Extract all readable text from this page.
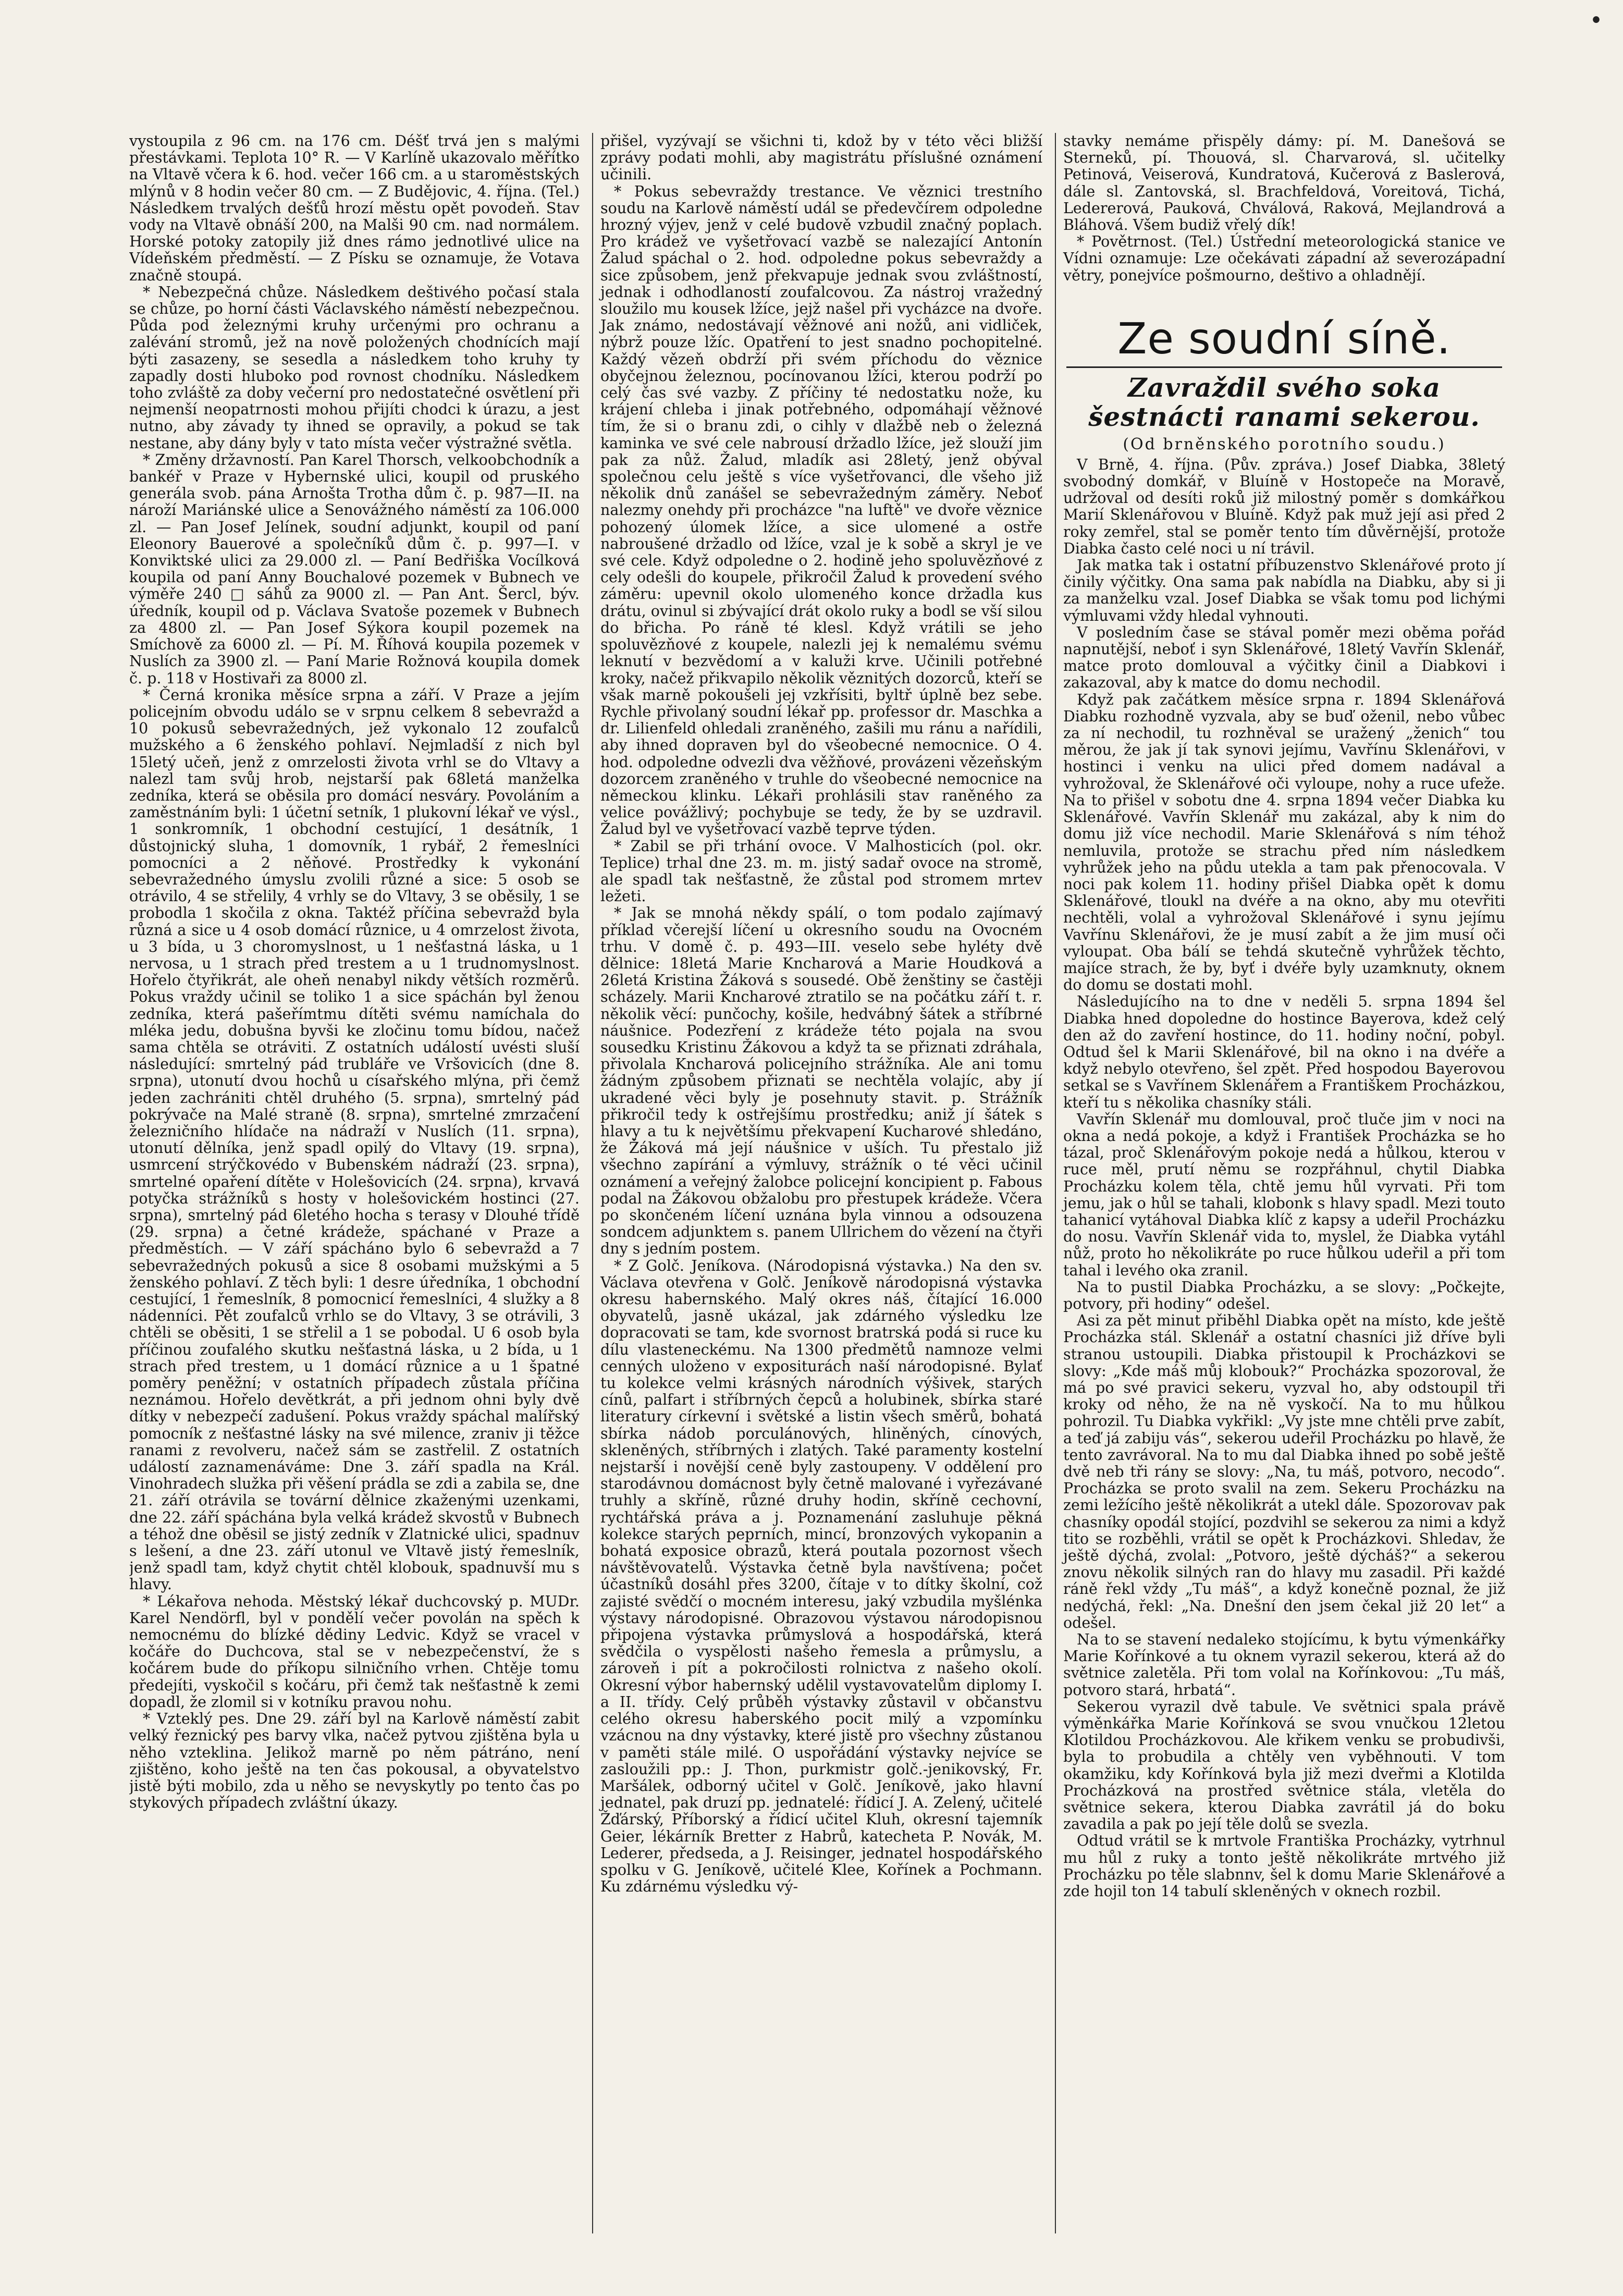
•

vystoupila z 96 cm. na 176 cm. Déšť trvá jen s malými přestávkami. Teplota 10° R. — V Karlíně ukazovalo měřítko na Vltavě včera k 6. hod. večer 166 cm. a u staroměstských mlýnů v 8 hodin večer 80 cm. — Z Budějovic, 4. října. (Tel.) Následkem trvalých dešťů hrozí městu opět povodeň. Stav vody na Vltavě obnáší 200, na Malši 90 cm. nad normálem. Horské potoky zatopily již dnes rámo jednotlivé ulice na Vídeňském předměstí. — Z Písku se oznamuje, že Votava značně stoupá.

* Nebezpečná chůze. Následkem deštivého počasí stala se chůze, po horní části Václavského náměstí nebezpečnou. Půda pod železnými kruhy určenými pro ochranu a zalévání stromů, jež na nově položených chodnících mají býti zasazeny, se sesedla a následkem toho kruhy ty zapadly dosti hluboko pod rovnost chodníku. Následkem toho zvláště za doby večerní pro nedostatečné osvětlení při nejmenší neopatrnosti mohou přijíti chodci k úrazu, a jest nutno, aby závady ty ihned se opravily, a pokud se tak nestane, aby dány byly v tato místa večer výstražné světla.

* Změny državností. Pan Karel Thorsch, velkoobchodník a bankéř v Praze v Hybernské ulici, koupil od pruského generála svob. pána Arnošta Trotha dům č. p. 987—II. na nároží Mariánské ulice a Senovážného náměstí za 106.000 zl. — Pan Josef Jelínek, soudní adjunkt, koupil od paní Eleonory Bauerové a společníků dům č. p. 997—I. v Konviktské ulici za 29.000 zl. — Paní Bedřiška Vocílková koupila od paní Anny Bouchalové pozemek v Bubnech ve výměře 240 □ sáhů za 9000 zl. — Pan Ant. Šercl, býv. úředník, koupil od p. Václava Svatoše pozemek v Bubnech za 4800 zl. — Pan Josef Sýkora koupil pozemek na Smíchově za 6000 zl. — Pí. M. Říhová koupila pozemek v Nuslích za 3900 zl. — Paní Marie Rožnová koupila domek č. p. 118 v Hostivaři za 8000 zl.

* Černá kronika měsíce srpna a září. V Praze a jejím policejním obvodu událo se v srpnu celkem 8 sebevražd a 10 pokusů sebevražedných, jež vykonalo 12 zoufalců mužského a 6 ženského pohlaví. Nejmladší z nich byl 15letý učeň, jenž z omrzelosti života vrhl se do Vltavy a nalezl tam svůj hrob, nejstarší pak 68letá manželka zedníka, která se oběsila pro domácí nesváry. Povoláním a zaměstnáním byli: 1 účetní setník, 1 plukovní lékař ve výsl., 1 sonkromník, 1 obchodní cestující, 1 desátník, 1 důstojnický sluha, 1 domovník, 1 rybář, 2 řemeslníci pomocníci a 2 něňové. Prostředky k vykonání sebevražedného úmyslu zvolili různé a sice: 5 osob se otrávilo, 4 se střelily, 4 vrhly se do Vltavy, 3 se oběsily, 1 se probodla 1 skočila z okna. Taktéž příčina sebevražd byla různá a sice u 4 osob domácí různice, u 4 omrzelost života, u 3 bída, u 3 choromyslnost, u 1 nešťastná láska, u 1 nervosa, u 1 strach před trestem a u 1 trudnomyslnost. Hořelo čtyřikrát, ale oheň nenabyl nikdy větších rozměrů. Pokus vraždy učinil se toliko 1 a sice spáchán byl ženou zedníka, která pašeřímtmu dítěti svému namíchala do mléka jedu, dobušna byvši ke zločinu tomu bídou, načež sama chtěla se otráviti. Z ostatních událostí uvésti sluší následující: smrtelný pád trubláře ve Vršovicích (dne 8. srpna), utonutí dvou hochů u císařského mlýna, při čemž jeden zachrániti chtěl druhého (5. srpna), smrtelný pád pokrývače na Malé straně (8. srpna), smrtelné zmrzačení železničního hlídače na nádraží v Nuslích (11. srpna), utonutí dělníka, jenž spadl opilý do Vltavy (19. srpna), usmrcení strýčkovédo v Bubenském nádraží (23. srpna), smrtelné opaření dítěte v Holešovicích (24. srpna), krvavá potyčka strážníků s hosty v holešovickém hostinci (27. srpna), smrtelný pád 6letého hocha s terasy v Dlouhé třídě (29. srpna) a četné krádeže, spáchané v Praze a předměstích. — V září spácháno bylo 6 sebevražd a 7 sebevražedných pokusů a sice 8 osobami mužskými a 5 ženského pohlaví. Z těch byli: 1 desre úředníka, 1 obchodní cestující, 1 řemeslník, 8 pomocnicí řemeslníci, 4 služky a 8 nádenníci. Pět zoufalců vrhlo se do Vltavy, 3 se otrávili, 3 chtěli se oběsiti, 1 se střelil a 1 se pobodal. U 6 osob byla příčinou zoufalého skutku nešťastná láska, u 2 bída, u 1 strach před trestem, u 1 domácí různice a u 1 špatné poměry peněžní; v ostatních případech zůstala příčina neznámou. Hořelo devětkrát, a při jednom ohni byly dvě dítky v nebezpečí zadušení. Pokus vraždy spáchal malířský pomocník z nešťastné lásky na své milence, zraniv ji těžce ranami z revolveru, načež sám se zastřelil. Z ostatních událostí zaznamenáváme: Dne 3. září spadla na Král. Vinohradech služka při věšení prádla se zdi a zabila se, dne 21. září otrávila se tovární dělnice zkaženými uzenkami, dne 22. září spáchána byla velká krádež skvostů v Bubnech a téhož dne oběsil se jistý zedník v Zlatnické ulici, spadnuv s lešení, a dne 23. září utonul ve Vltavě jistý řemeslník, jenž spadl tam, když chytit chtěl klobouk, spadnuvší mu s hlavy.

* Lékařova nehoda. Městský lékař duchcovský p. MUDr. Karel Nendörfl, byl v pondělí večer povolán na spěch k nemocnému do blízké dědiny Ledvic. Když se vracel v kočáře do Duchcova, stal se v nebezpečenství, že s kočárem bude do příkopu silničního vrhen. Chtěje tomu předejíti, vyskočil s kočáru, při čemž tak nešťastně k zemi dopadl, že zlomil si v kotníku pravou nohu.

* Vzteklý pes. Dne 29. září byl na Karlově náměstí zabit velký řeznický pes barvy vlka, načež pytvou zjištěna byla u něho vzteklina. Jelikož marně po něm pátráno, není zjištěno, koho ještě na ten čas pokousal, a obyvatelstvo jistě býti mobilo, zda u něho se nevyskytly po tento čas po stykových případech zvláštní úkazy.

přišel, vyzývají se všichni ti, kdož by v této věci bližší zprávy podati mohli, aby magistrátu příslušné oznámení učinili.

* Pokus sebevraždy trestance. Ve věznici trestního soudu na Karlově náměstí udál se předevčírem odpoledne hrozný výjev, jenž v celé budově vzbudil značný poplach. Pro krádež ve vyšetřovací vazbě se nalezající Antonín Žalud spáchal o 2. hod. odpoledne pokus sebevraždy a sice způsobem, jenž překvapuje jednak svou zvláštností, jednak i odhodlaností zoufalcovou. Za nástroj vražedný sloužilo mu kousek lžíce, jejž našel při vycházce na dvoře. Jak známo, nedostávají věžnové ani nožů, ani vidliček, nýbrž pouze lžíc. Opatření to jest snadno pochopitelné. Každý vězeň obdrží při svém příchodu do věznice obyčejnou železnou, pocínovanou lžíci, kterou podrží po celý čas své vazby. Z příčiny té nedostatku nože, ku krájení chleba i jinak potřebného, odpomáhají věžnové tím, že si o branu zdi, o cihly v dlažbě neb o železná kaminka ve své cele nabrousí držadlo lžíce, jež slouží jim pak za nůž. Žalud, mladík asi 28letý, jenž obýval společnou celu ještě s více vyšetřovanci, dle všeho již několik dnů zanášel se sebevražedným záměry. Neboť nalezmy onehdy při procházce "na luftě" ve dvoře věznice pohozený úlomek lžíce, a sice ulomené a ostře nabroušené držadlo od lžíce, vzal je k sobě a skryl je ve své cele. Když odpoledne o 2. hodině jeho spoluvězňové z cely odešli do koupele, přikročil Žalud k provedení svého záměru: upevnil okolo ulomeného konce držadla kus drátu, ovinul si zbývající drát okolo ruky a bodl se vší silou do břicha. Po ráně té klesl. Když vrátili se jeho spoluvězňové z koupele, nalezli jej k nemalému svému leknutí v bezvědomí a v kaluži krve. Učinili potřebné kroky, načež přikvapilo několik věznitých dozorců, kteří se však marně pokoušeli jej vzkřísiti, byltř úplně bez sebe. Rychle přivolaný soudní lékař pp. professor dr. Maschka a dr. Lilienfeld ohledali zraněného, zašili mu ránu a nařídili, aby ihned dopraven byl do všeobecné nemocnice. O 4. hod. odpoledne odvezli dva věžňové, provázeni vězeňským dozorcem zraněného v truhle do všeobecné nemocnice na německou klinku. Lékaři prohlásili stav raněného za velice povážlivý; pochybuje se tedy, že by se uzdravil. Žalud byl ve vyšetřovací vazbě teprve týden.

* Zabil se při trhání ovoce. V Malhosticích (pol. okr. Teplice) trhal dne 23. m. m. jistý sadař ovoce na stromě, ale spadl tak nešťastně, že zůstal pod stromem mrtev ležeti.

* Jak se mnohá někdy spálí, o tom podalo zajímavý příklad včerejší líčení u okresního soudu na Ovocném trhu. V domě č. p. 493—III. veselo sebe hyléty dvě dělnice: 18letá Marie Kncharová a Marie Houdková a 26letá Kristina Žáková s sousedé. Obě ženštiny se častěji scházely. Marii Kncharové ztratilo se na počátku září t. r. několik věcí: punčochy, košile, hedvábný šátek a stříbrné náušnice. Podezření z krádeže této pojala na svou sousedku Kristinu Žákovou a když ta se přiznati zdráhala, přivolala Kncharová policejního strážníka. Ale ani tomu žádným způsobem přiznati se nechtěla volajíc, aby jí ukradené věci byly je posehnuty stavit. p. Strážník přikročil tedy k ostřejšímu prostředku; aniž jí šátek s hlavy a tu k největšímu překvapení Kucharové shledáno, že Žáková má její náušnice v uších. Tu přestalo již všechno zapírání a výmluvy, strážník o té věci učinil oznámení a veřejný žalobce policejní koncipient p. Fabous podal na Žákovou obžalobu pro přestupek krádeže. Včera po skončeném líčení uznána byla vinnou a odsouzena sondcem adjunktem s. panem Ullrichem do vězení na čtyři dny s jedním postem.

* Z Golč. Jeníkova. (Národopisná výstavka.) Na den sv. Václava otevřena v Golč. Jeníkově národopisná výstavka okresu habernského. Malý okres náš, čítající 16.000 obyvatelů, jasně ukázal, jak zdárného výsledku lze dopracovati se tam, kde svornost bratrská podá si ruce ku dílu vlasteneckému. Na 1300 předmětů namnoze velmi cenných uloženo v expositurách naší národopisné. Bylať tu kolekce velmi krásných národních výšivek, starých cínů, palfart i stříbrných čepců a holubinek, sbírka staré literatury církevní i světské a listin všech směrů, bohatá sbírka nádob porculánových, hliněných, cínových, skleněných, stříbrných i zlatých. Také paramenty kostelní nejstarší i novější ceně byly zastoupeny. V oddělení pro starodávnou domácnost byly četně malované i vyřezávané truhly a skříně, různé druhy hodin, skříně cechovní, rychtářská práva a j. Poznamenání zasluhuje pěkná kolekce starých peprních, mincí, bronzových vykopanin a bohatá exposice obrazů, která poutala pozornost všech návštěvovatelů. Výstavka četně byla navštívena; počet účastníků dosáhl přes 3200, čítaje v to dítky školní, což zajisté svědčí o mocném interesu, jaký vzbudila myšlénka výstavy národopisné. Obrazovou výstavou národopisnou připojena výstavka průmyslová a hospodářská, která svědčila o vyspělosti našeho řemesla a průmyslu, a zároveň i pít a pokročilosti rolnictva z našeho okolí. Okresní výbor habernský udělil vystavovatelům diplomy I. a II. třídy. Celý průběh výstavky zůstavil v občanstvu celého okresu haberského pocit milý a vzpomínku vzácnou na dny výstavky, které jistě pro všechny zůstanou v paměti stále milé. O uspořádání výstavky nejvíce se zasloužili pp.: J. Thon, purkmistr golč.-jenikovský, Fr. Maršálek, odborný učitel v Golč. Jeníkově, jako hlavní jednatel, pak druzí pp. jednatelé: řídicí J. A. Zelený, učitelé Žďárský, Příborský a řídicí učitel Kluh, okresní tajemník Geier, lékárník Bretter z Habrů, katecheta P. Novák, M. Lederer, předseda, a J. Reisinger, jednatel hospodářského spolku v G. Jeníkově, učitelé Klee, Kořínek a Pochmann. Ku zdárnému výsledku vý-

stavky nemáme přispěly dámy: pí. M. Danešová se Sterneků, pí. Thouová, sl. Charvarová, sl. učitelky Petinová, Veiserová, Kundratová, Kučerová z Baslerová, dále sl. Zantovská, sl. Brachfeldová, Voreitová, Tichá, Ledererová, Pauková, Chválová, Raková, Mejlandrová a Bláhová. Všem budiž vřelý dík!

* Povětrnost. (Tel.) Ústřední meteorologická stanice ve Vídni oznamuje: Lze očekávati západní až severozápadní větry, ponejvíce pošmourno, deštivo a ohladnějí.

Ze soudní síně.
Zavraždil svého soka šestnácti ranami sekerou.
(Od brněnského porotního soudu.)

V Brně, 4. října. (Pův. zpráva.) Josef Diabka, 38letý svobodný domkář, v Bluíně v Hostopeče na Moravě, udržoval od desíti roků již milostný poměr s domkářkou Marií Sklenářovou v Bluíně. Když pak muž její asi před 2 roky zemřel, stal se poměr tento tím důvěrnější, protože Diabka často celé noci u ní trávil.

Jak matka tak i ostatní příbuzenstvo Sklenářové proto jí činily výčitky. Ona sama pak nabídla na Diabku, aby si ji za manželku vzal. Josef Diabka se však tomu pod lichými výmluvami vždy hledal vyhnouti.

V posledním čase se stával poměr mezi oběma pořád napnutější, neboť i syn Sklenářové, 18letý Vavřín Sklenář, matce proto domlouval a výčitky činil a Diabkovi i zakazoval, aby k matce do domu nechodil.

Když pak začátkem měsíce srpna r. 1894 Sklenářová Diabku rozhodně vyzvala, aby se buď oženil, nebo vůbec za ní nechodil, tu rozhněval se uražený „ženich“ tou měrou, že jak jí tak synovi jejímu, Vavřínu Sklenářovi, v hostinci i venku na ulici před domem nadával a vyhrožoval, že Sklenářové oči vyloupe, nohy a ruce ufeže. Na to přišel v sobotu dne 4. srpna 1894 večer Diabka ku Sklenářové. Vavřín Sklenář mu zakázal, aby k nim do domu již více nechodil. Marie Sklenářová s ním téhož nemluvila, protože se strachu před ním následkem vyhrůžek jeho na půdu utekla a tam pak přenocovala. V noci pak kolem 11. hodiny přišel Diabka opět k domu Sklenářové, tloukl na dvéře a na okno, aby mu otevřiti nechtěli, volal a vyhrožoval Sklenářové i synu jejímu Vavřínu Sklenářovi, že je musí zabít a že jim musí oči vyloupat. Oba bálí se tehdá skutečně vyhrůžek těchto, majíce strach, že by, byť i dvéře byly uzamknuty, oknem do domu se dostati mohl.

Následujícího na to dne v neděli 5. srpna 1894 šel Diabka hned dopoledne do hostince Bayerova, kdež celý den až do zavření hostince, do 11. hodiny noční, pobyl. Odtud šel k Marii Sklenářové, bil na okno i na dvéře a když nebylo otevřeno, šel zpět. Před hospodou Bayerovou setkal se s Vavřínem Sklenářem a Františkem Procházkou, kteří tu s několika chasníky stáli.

Vavřín Sklenář mu domlouval, proč tluče jim v noci na okna a nedá pokoje, a když i František Procházka se ho tázal, proč Sklenářovým pokoje nedá a hůlkou, kterou v ruce měl, prutí němu se rozpřáhnul, chytil Diabka Procházku kolem těla, chtě jemu hůl vyrvati. Při tom jemu, jak o hůl se tahali, klobonk s hlavy spadl. Mezi touto tahanicí vytáhoval Diabka klíč z kapsy a udeřil Procházku do nosu. Vavřín Sklenář vida to, myslel, že Diabka vytáhl nůž, proto ho několikráte po ruce hůlkou udeřil a při tom tahal i levého oka zranil.

Na to pustil Diabka Procházku, a se slovy: „Počkejte, potvory, při hodiny“ odešel.

Asi za pět minut přiběhl Diabka opět na místo, kde ještě Procházka stál. Sklenář a ostatní chasníci již dříve byli stranou ustoupili. Diabka přistoupil k Procházkovi se slovy: „Kde máš můj klobouk?“ Procházka spozoroval, že má po své pravici sekeru, vyzval ho, aby odstoupil tři kroky od něho, že na ně vyskočí. Na to mu hůlkou pohrozil. Tu Diabka vykřikl: „Vy jste mne chtěli prve zabít, a teď já zabiju vás“, sekerou udeřil Procházku po hlavě, že tento zavrávoral. Na to mu dal Diabka ihned po sobě ještě dvě neb tři rány se slovy: „Na, tu máš, potvoro, necodo“. Procházka se proto svalil na zem. Sekeru Procházku na zemi ležícího ještě několikrát a utekl dále. Spozorovav pak chasníky opodál stojící, pozdvihl se sekerou za nimi a když tito se rozběhli, vrátil se opět k Procházkovi. Shledav, že ještě dýchá, zvolal: „Potvoro, ještě dýcháš?“ a sekerou znovu několik silných ran do hlavy mu zasadil. Při každé ráně řekl vždy „Tu máš“, a když konečně poznal, že již nedýchá, řekl: „Na. Dnešní den jsem čekal již 20 let“ a odešel.

Na to se stavení nedaleko stojícímu, k bytu výmenkářky Marie Kořínkové a tu oknem vyrazil sekerou, která až do světnice zaletěla. Při tom volal na Kořínkovou: „Tu máš, potvoro stará, hrbatá“.

Sekerou vyrazil dvě tabule. Ve světnici spala právě výměnkářka Marie Kořínková se svou vnučkou 12letou Klotildou Procházkovou. Ale křikem venku se probudivši, byla to probudila a chtěly ven vyběhnouti. V tom okamžiku, kdy Kořínková byla již mezi dveřmi a Klotilda Procházková na prostřed světnice stála, vletěla do světnice sekera, kterou Diabka zavrátil já do boku zavadila a pak po její těle dolů se svezla.

Odtud vrátil se k mrtvole Františka Procházky, vytrhnul mu hůl z ruky a tonto ještě několikráte mrtvého již Procházku po těle slabnnv, šel k domu Marie Sklenářové a zde hojil ton 14 tabulí skleněných v oknech rozbil.
